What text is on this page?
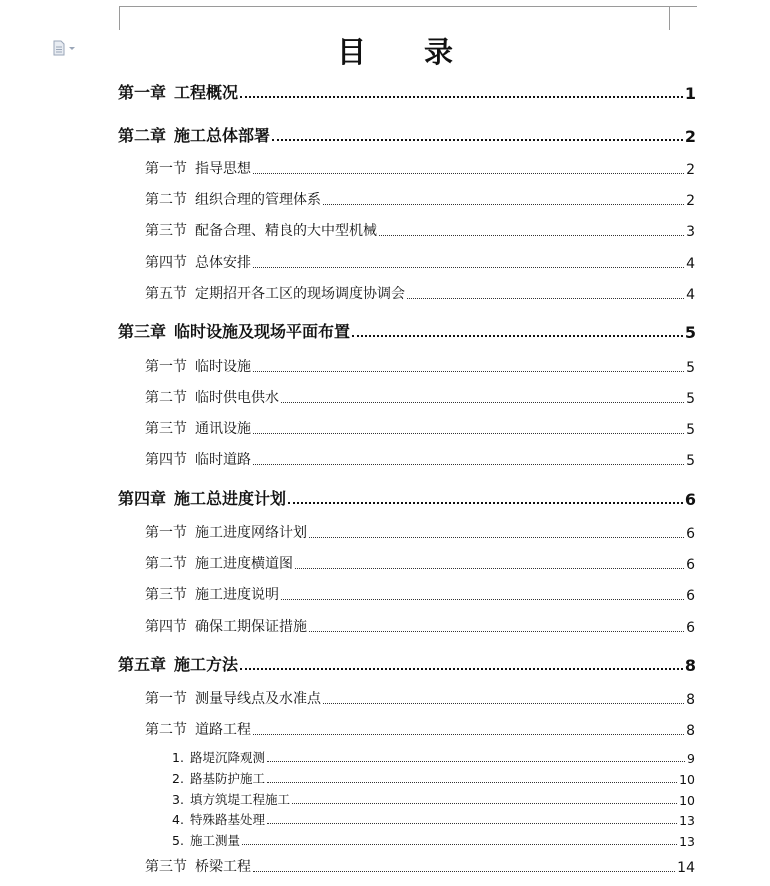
目　　录
第一章 工程概况	1
第二章 施工总体部署	2
第一节 指导思想	2
第二节 组织合理的管理体系	2
第三节 配备合理、精良的大中型机械	3
第四节 总体安排	4
第五节 定期招开各工区的现场调度协调会	4
第三章 临时设施及现场平面布置	5
第一节 临时设施	5
第二节 临时供电供水	5
第三节 通讯设施	5
第四节 临时道路	5
第四章 施工总进度计划	6
第一节 施工进度网络计划	6
第二节 施工进度横道图	6
第三节 施工进度说明	6
第四节 确保工期保证措施	6
第五章 施工方法	8
第一节 测量导线点及水准点	8
第二节 道路工程	8
1. 路堤沉降观测	9
2. 路基防护施工	10
3. 填方筑堤工程施工	10
4. 特殊路基处理	13
5. 施工测量	13
第三节 桥梁工程	14
